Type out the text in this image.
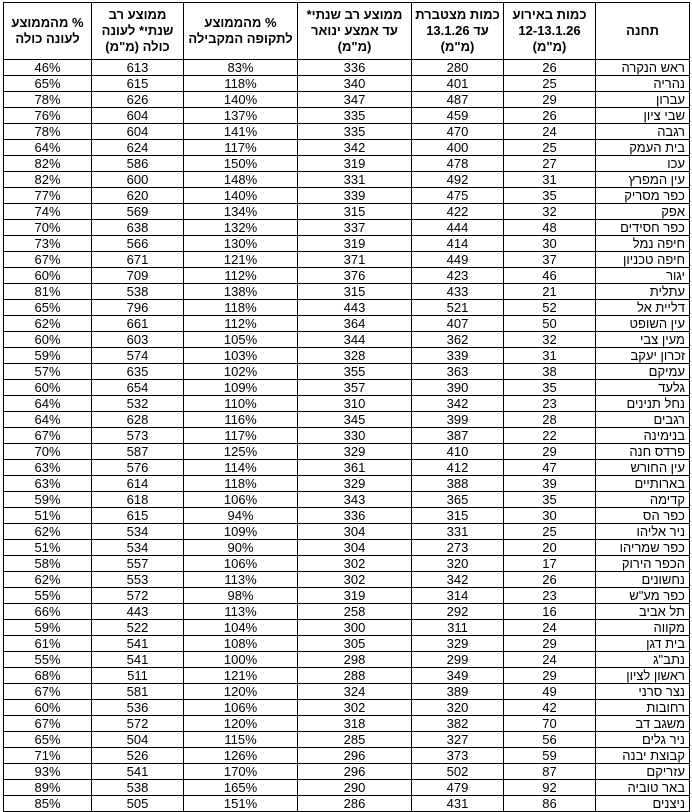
תחנה	כמות באירוע 12-13.1.26 (מ"מ)	כמות מצטברת עד 13.1.26 (מ"מ)	ממוצע רב שנתי* עד אמצע ינואר (מ"מ)	% מהממוצע לתקופה המקבילה	ממוצע רב שנתי* לעונה כולה (מ"מ)	% מהממוצע לעונה כולה
ראש הנקרה	26	280	336	83%	613	46%
נהריה	25	401	340	118%	615	65%
עברון	29	487	347	140%	626	78%
שבי ציון	26	459	335	137%	604	76%
רגבה	24	470	335	141%	604	78%
בית העמק	25	400	342	117%	624	64%
עכו	27	478	319	150%	586	82%
עין המפרץ	31	492	331	148%	600	82%
כפר מסריק	35	475	339	140%	620	77%
אפק	32	422	315	134%	569	74%
כפר חסידים	48	444	337	132%	638	70%
חיפה נמל	30	414	319	130%	566	73%
חיפה טכניון	37	449	371	121%	671	67%
יגור	46	423	376	112%	709	60%
עתלית	21	433	315	138%	538	81%
דליית אל	52	521	443	118%	796	65%
עין השופט	50	407	364	112%	661	62%
מעין צבי	32	362	344	105%	603	60%
זכרון יעקב	31	339	328	103%	574	59%
עמיקם	38	363	355	102%	635	57%
גלעד	35	390	357	109%	654	60%
נחל תנינים	23	342	310	110%	532	64%
רגבים	28	399	345	116%	628	64%
בנימינה	22	387	330	117%	573	67%
פרדס חנה	29	410	329	125%	587	70%
עין החורש	47	412	361	114%	576	63%
בארותיים	39	388	329	118%	614	63%
קדימה	35	365	343	106%	618	59%
כפר הס	30	315	336	94%	615	51%
ניר אליהו	25	331	304	109%	534	62%
כפר שמריהו	20	273	304	90%	534	51%
הכפר הירוק	17	320	302	106%	557	58%
נחשונים	26	342	302	113%	553	62%
כפר מע"ש	23	314	319	98%	572	55%
תל אביב	16	292	258	113%	443	66%
מקווה	24	311	300	104%	522	59%
בית דגן	29	329	305	108%	541	61%
נתב"ג	24	299	298	100%	541	55%
ראשון לציון	29	349	288	121%	511	68%
נצר סרני	49	389	324	120%	581	67%
רחובות	42	320	302	106%	536	60%
משגב דב	70	382	318	120%	572	67%
ניר גלים	56	327	285	115%	504	65%
קבוצת יבנה	59	373	296	126%	526	71%
עזריקם	87	502	296	170%	541	93%
באר טוביה	92	479	290	165%	538	89%
ניצנים	86	431	286	151%	505	85%
